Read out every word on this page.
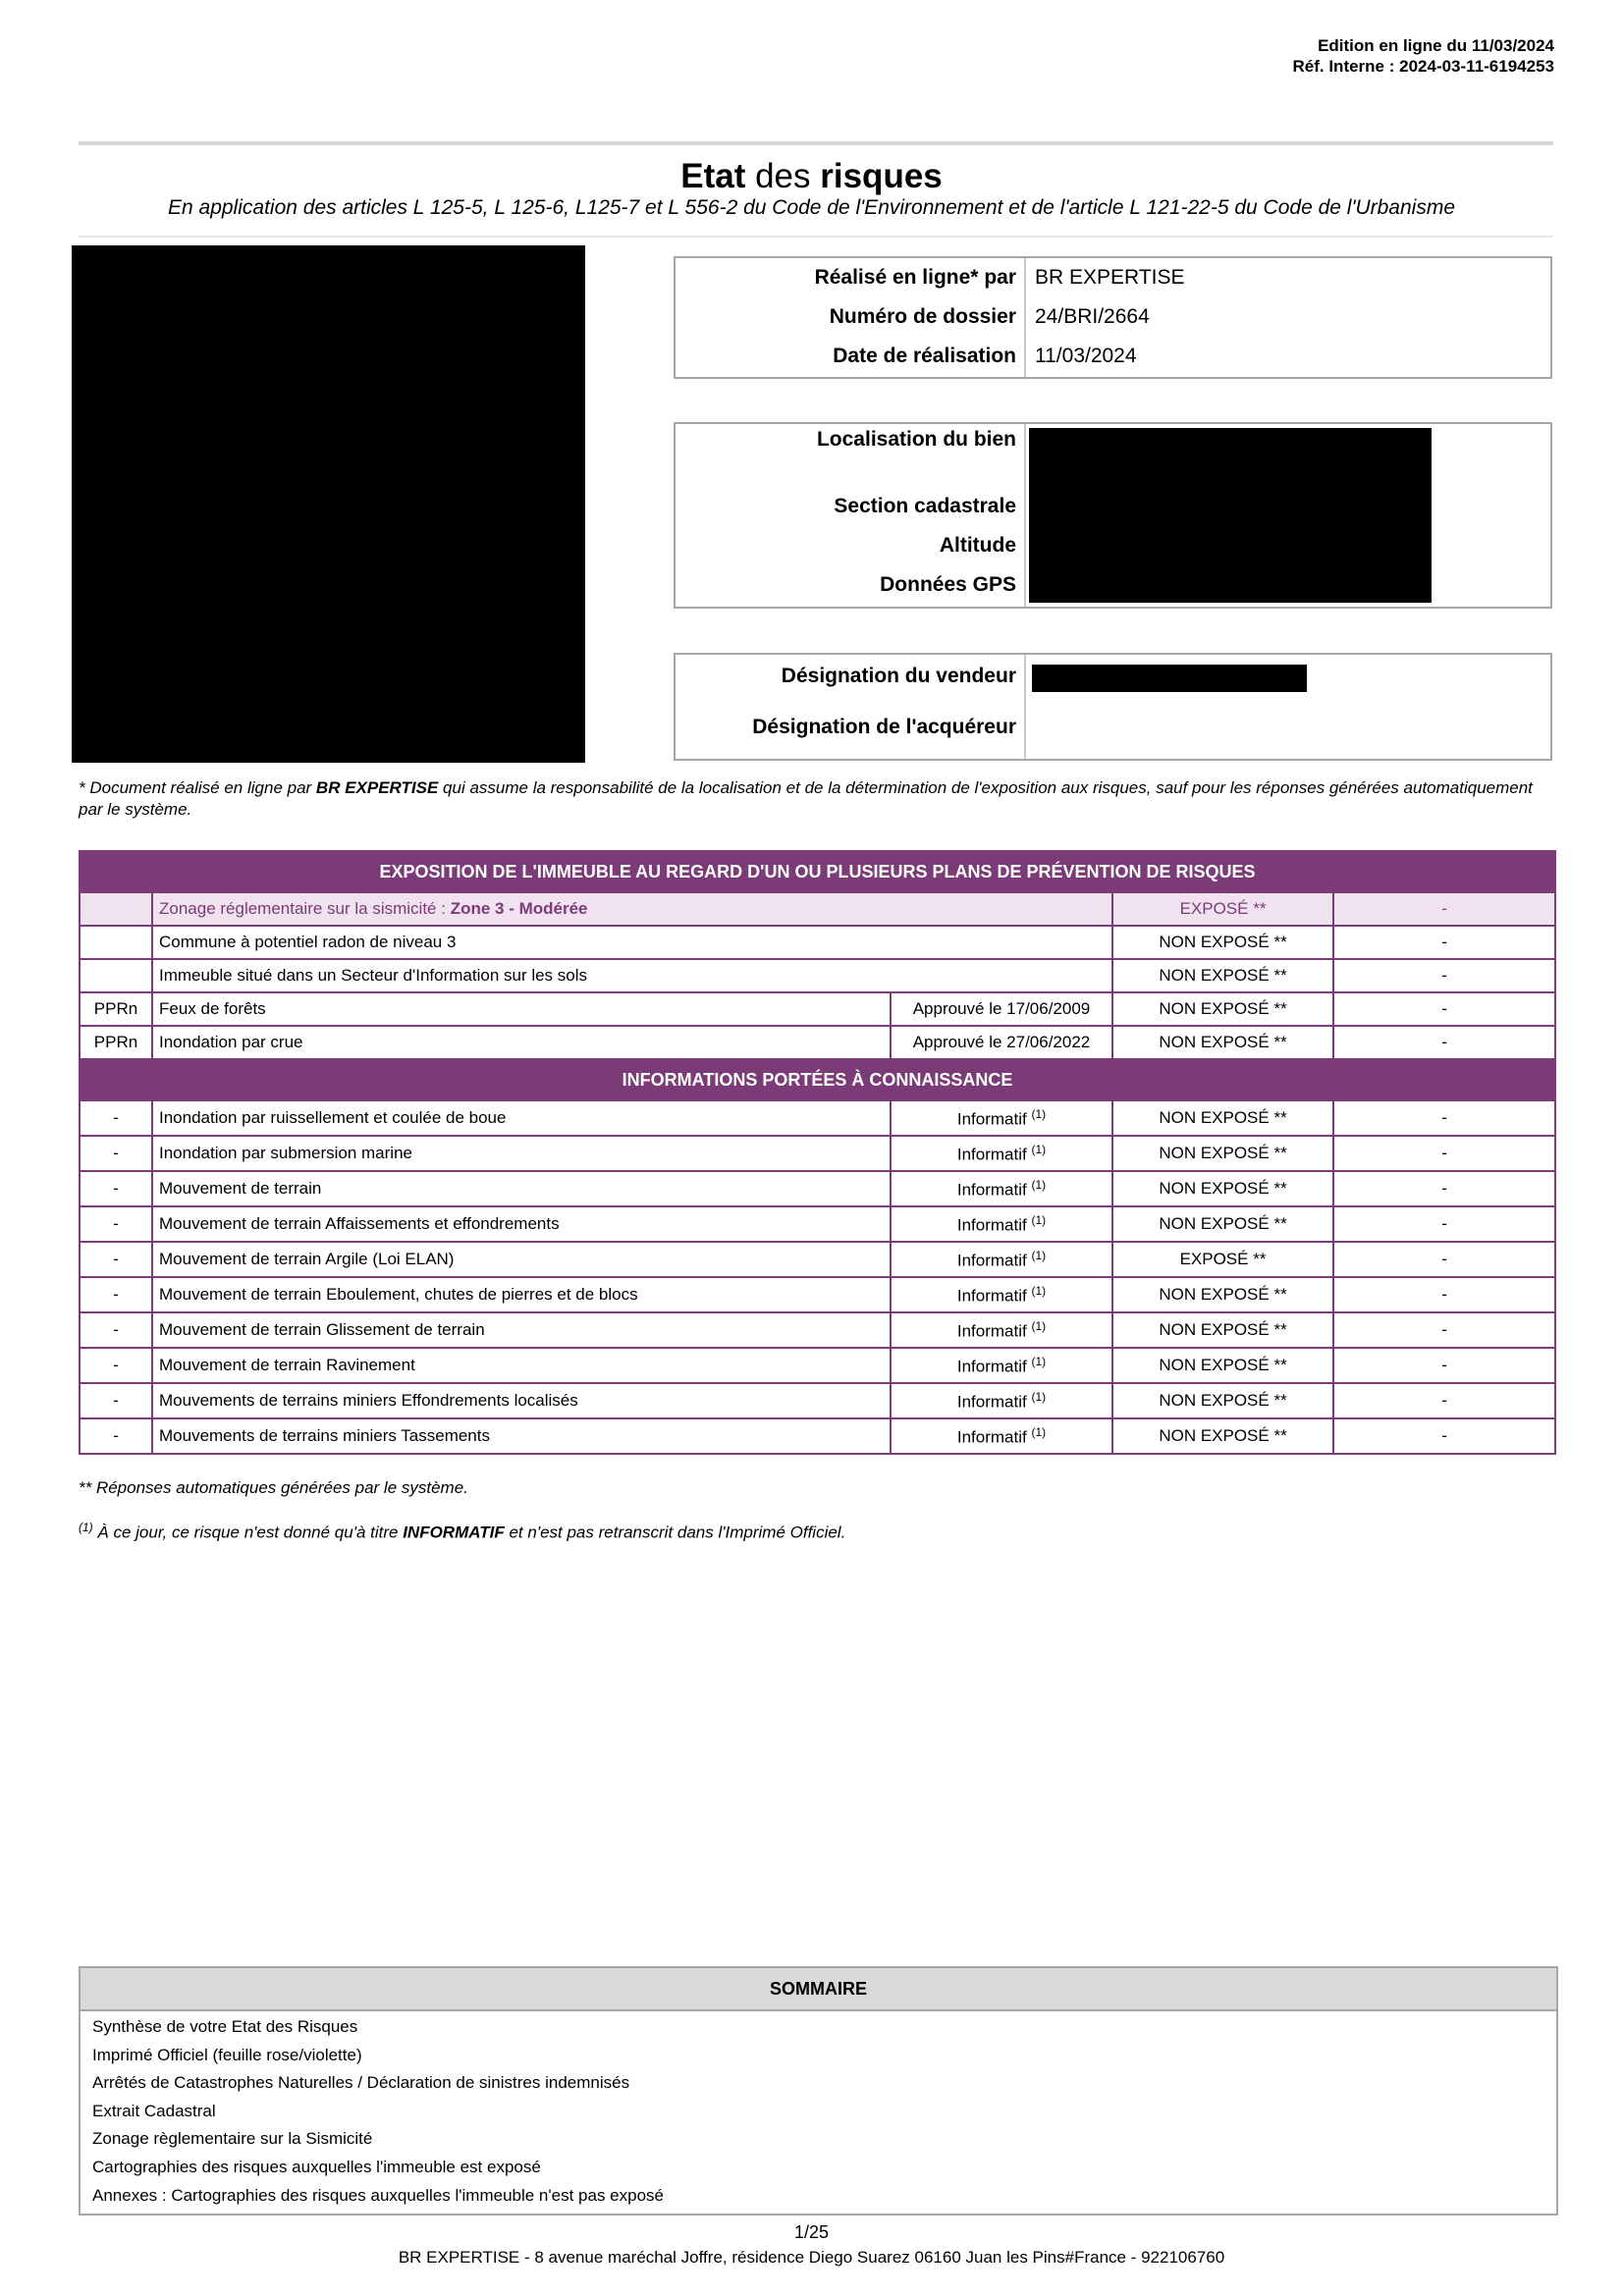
Edition en ligne du 11/03/2024
Réf. Interne : 2024-03-11-6194253
Etat des risques
En application des articles L 125-5, L 125-6, L125-7 et L 556-2 du Code de l'Environnement et de l'article L 121-22-5 du Code de l'Urbanisme
Réalisé en ligne* par BR EXPERTISE
Numéro de dossier 24/BRI/2664
Date de réalisation 11/03/2024
Localisation du bien
Section cadastrale
Altitude
Données GPS
Désignation du vendeur
Désignation de l'acquéreur
* Document réalisé en ligne par BR EXPERTISE qui assume la responsabilité de la localisation et de la détermination de l'exposition aux risques, sauf pour les réponses générées automatiquement par le système.
EXPOSITION DE L'IMMEUBLE AU REGARD D'UN OU PLUSIEURS PLANS DE PRÉVENTION DE RISQUES				
	Zonage réglementaire sur la sismicité : Zone 3 - Modérée		EXPOSÉ **	-
	Commune à potentiel radon de niveau 3		NON EXPOSÉ **	-
	Immeuble situé dans un Secteur d'Information sur les sols		NON EXPOSÉ **	-
PPRn	Feux de forêts	Approuvé le 17/06/2009	NON EXPOSÉ **	-
PPRn	Inondation par crue	Approuvé le 27/06/2022	NON EXPOSÉ **	-
INFORMATIONS PORTÉES À CONNAISSANCE				
-	Inondation par ruissellement et coulée de boue	Informatif $^{(1)}$	NON EXPOSÉ **	-
-	Inondation par submersion marine	Informatif $^{(1)}$	NON EXPOSÉ **	-
-	Mouvement de terrain	Informatif $^{(1)}$	NON EXPOSÉ **	-
-	Mouvement de terrain Affaissements et effondrements	Informatif $^{(1)}$	NON EXPOSÉ **	-
-	Mouvement de terrain Argile (Loi ELAN)	Informatif $^{(1)}$	EXPOSÉ **	-
-	Mouvement de terrain Eboulement, chutes de pierres et de blocs	Informatif $^{(1)}$	NON EXPOSÉ **	-
-	Mouvement de terrain Glissement de terrain	Informatif $^{(1)}$	NON EXPOSÉ **	-
-	Mouvement de terrain Ravinement	Informatif $^{(1)}$	NON EXPOSÉ **	-
-	Mouvements de terrains miniers Effondrements localisés	Informatif $^{(1)}$	NON EXPOSÉ **	-
-	Mouvements de terrains miniers Tassements	Informatif $^{(1)}$	NON EXPOSÉ **	-
** Réponses automatiques générées par le système.
$^{(1)}$ À ce jour, ce risque n'est donné qu'à titre INFORMATIF et n'est pas retranscrit dans l'Imprimé Officiel.
SOMMAIRE
Synthèse de votre Etat des Risques
Imprimé Officiel (feuille rose/violette)
Arrêtés de Catastrophes Naturelles / Déclaration de sinistres indemnisés
Extrait Cadastral
Zonage règlementaire sur la Sismicité
Cartographies des risques auxquelles l'immeuble est exposé
Annexes : Cartographies des risques auxquelles l'immeuble n'est pas exposé
1/25
BR EXPERTISE - 8 avenue maréchal Joffre, résidence Diego Suarez 06160 Juan les Pins#France - 922106760
